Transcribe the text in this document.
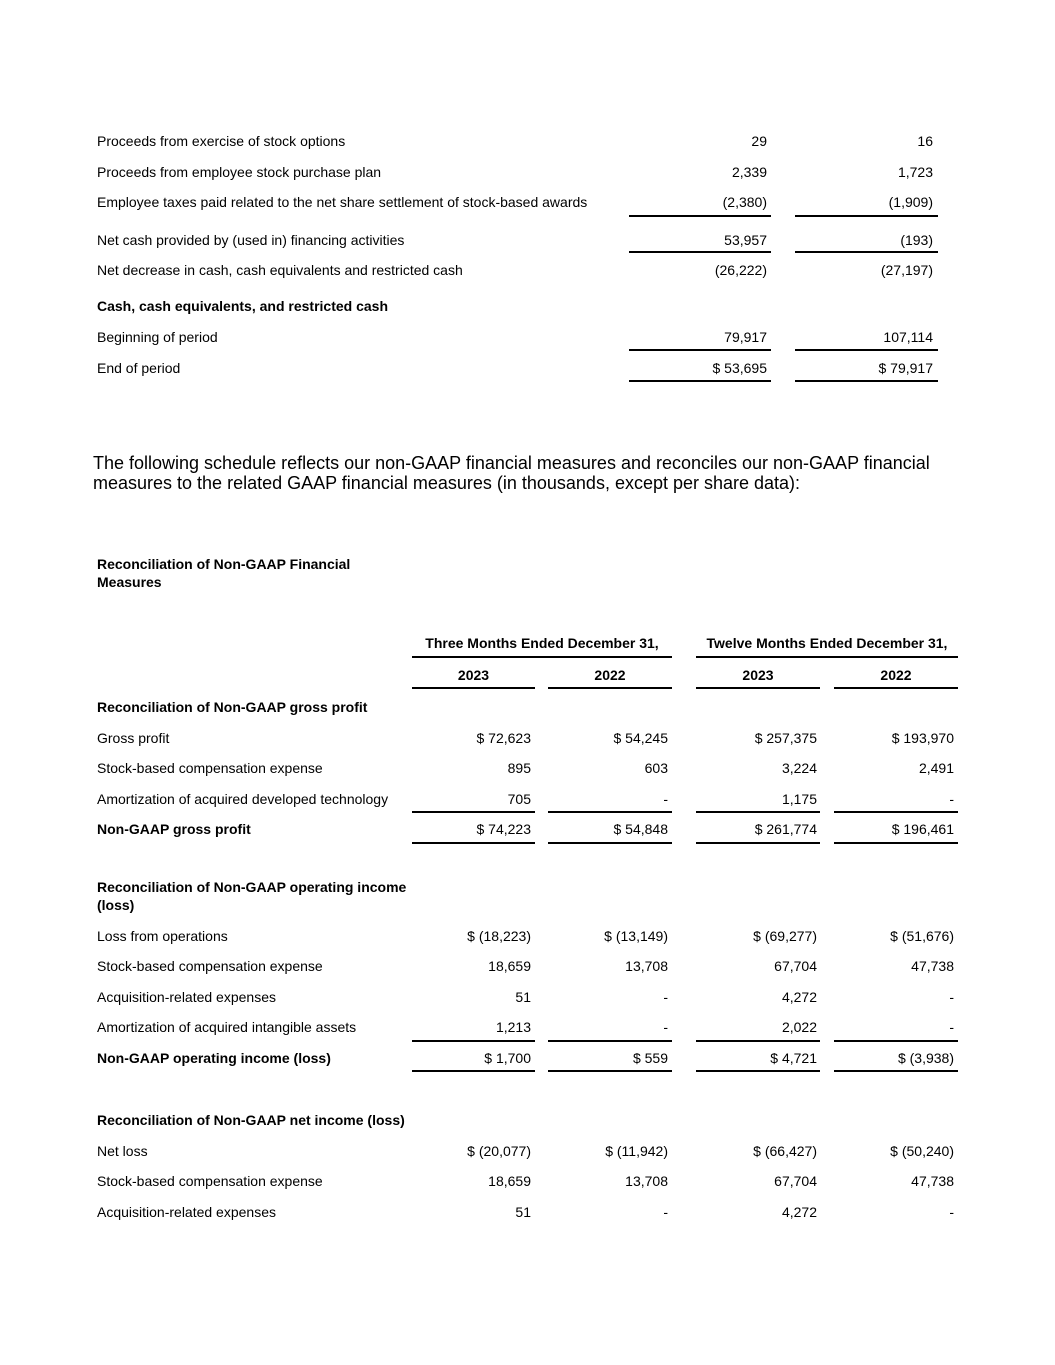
Proceeds from exercise of stock options	29	16
Proceeds from employee stock purchase plan	2,339	1,723
Employee taxes paid related to the net share settlement of stock-based awards	(2,380)	(1,909)
Net cash provided by (used in) financing activities	53,957	(193)
Net decrease in cash, cash equivalents and restricted cash	(26,222)	(27,197)
Cash, cash equivalents, and restricted cash
Beginning of period	79,917	107,114
End of period	$ 53,695	$ 79,917
The following schedule reflects our non-GAAP financial measures and reconciles our non-GAAP financial measures to the related GAAP financial measures (in thousands, except per share data):
Reconciliation of Non-GAAP Financial
Measures
Three Months Ended December 31,	Twelve Months Ended December 31,
2023	2022	2023	2022
Reconciliation of Non-GAAP gross profit
Gross profit	$ 72,623	$ 54,245	$ 257,375	$ 193,970
Stock-based compensation expense	895	603	3,224	2,491
Amortization of acquired developed technology	705	-	1,175	-
Non-GAAP gross profit	$ 74,223	$ 54,848	$ 261,774	$ 196,461
Reconciliation of Non-GAAP operating income
(loss)
Loss from operations	$ (18,223)	$ (13,149)	$ (69,277)	$ (51,676)
Stock-based compensation expense	18,659	13,708	67,704	47,738
Acquisition-related expenses	51	-	4,272	-
Amortization of acquired intangible assets	1,213	-	2,022	-
Non-GAAP operating income (loss)	$ 1,700	$ 559	$ 4,721	$ (3,938)
Reconciliation of Non-GAAP net income (loss)
Net loss	$ (20,077)	$ (11,942)	$ (66,427)	$ (50,240)
Stock-based compensation expense	18,659	13,708	67,704	47,738
Acquisition-related expenses	51	-	4,272	-
